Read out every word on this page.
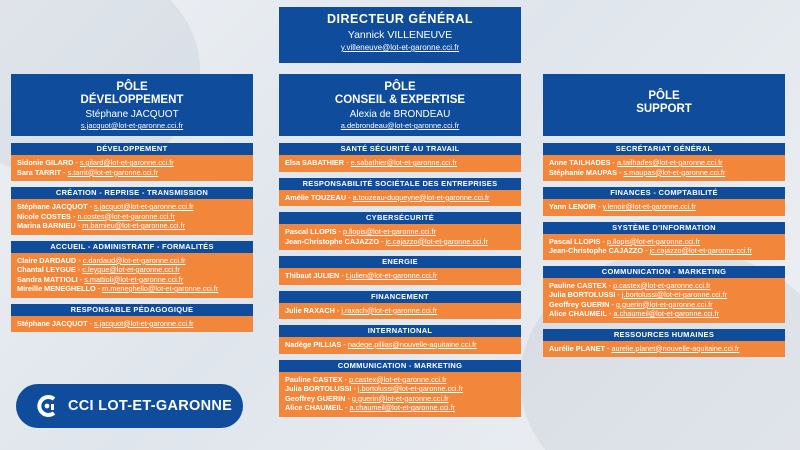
DIRECTEUR GÉNÉRAL
Yannick VILLENEUVE
y.villeneuve@lot-et-garonne.cci.fr
PÔLE
DÉVELOPPEMENT
Stéphane JACQUOT
s.jacquot@lot-et-garonne.cci.fr
PÔLE
CONSEIL & EXPERTISE
Alexia de BRONDEAU
a.debrondeau@lot-et-garonne.cci.fr
PÔLE
SUPPORT
DÉVELOPPEMENT
Sidonie GILARD - s.gilard@lot-et-garonne.cci.fr
Sara TARRIT - s.tarrit@lot-et-garonne.cci.fr
CRÉATION - REPRISE - TRANSMISSION
Stéphane JACQUOT - s.jacquot@lot-et-garonne.cci.fr
Nicole COSTES - n.costes@lot-et-garonne.cci.fr
Marina BARNIEU - m.barnieu@lot-et-garonne.cci.fr
ACCUEIL - ADMINISTRATIF - FORMALITÉS
Claire DARDAUD - c.dardaud@lot-et-garonne.cci.fr
Chantal LEYGUE - c.leygue@lot-et-garonne.cci.fr
Sandra MATTIOLI - s.mattioli@lot-et-garonne.cci.fr
Mireille MENEGHELLO - m.meneghello@lot-et-garonne.cci.fr
RESPONSABLE PÉDAGOGIQUE
Stéphane JACQUOT - s.jacquot@lot-et-garonne.cci.fr
SANTÉ SÉCURITÉ AU TRAVAIL
Elsa SABATHIER - e.sabathier@lot-et-garonne.cci.fr
RESPONSABILITÉ SOCIÉTALE DES ENTREPRISES
Amélie TOUZEAU - a.touzeau-duqueyne@lot-et-garonne.cci.fr
CYBERSÉCURITÉ
Pascal LLOPIS - p.llopis@lot-et-garonne.cci.fr
Jean-Christophe CAJAZZO - jc.cajazzo@lot-et-garonne.cci.fr
ENERGIE
Thibaut JULIEN - t.julien@lot-et-garonne.cci.fr
FINANCEMENT
Julie RAXACH - j.raxach@lot-et-garonne.cci.fr
INTERNATIONAL
Nadège PILLIAS - nadege.pillias@nouvelle-aquitaine.cci.fr
COMMUNICATION - MARKETING
Pauline CASTEX - p.castex@lot-et-garonne.cci.fr
Julia BORTOLUSSI - j.bortolussi@lot-et-garonne.cci.fr
Geoffrey GUERIN - g.guerin@lot-et-garonne.cci.fr
Alice CHAUMEIL - a.chaumeil@lot-et-garonne.cci.fr
SECRÉTARIAT GÉNÉRAL
Anne TAILHADES - a.tailhades@lot-et-garonne.cci.fr
Stéphanie MAUPAS - s.maupas@lot-et-garonne.cci.fr
FINANCES - COMPTABILITÉ
Yann LENOIR - y.lenoir@lot-et-garonne.cci.fr
SYSTÈME D'INFORMATION
Pascal LLOPIS - p.llopis@lot-et-garonne.cci.fr
Jean-Christophe CAJAZZO - jc.cajazzo@lot-et-garonne.cci.fr
COMMUNICATION - MARKETING
Pauline CASTEX - p.castex@lot-et-garonne.cci.fr
Julia BORTOLUSSI - j.bortolussi@lot-et-garonne.cci.fr
Geoffrey GUERIN - g.guerin@lot-et-garonne.cci.fr
Alice CHAUMEIL - a.chaumeil@lot-et-garonne.cci.fr
RESSOURCES HUMAINES
Aurélie PLANET - aurelie.planet@nouvelle-aquitaine.cci.fr
CCI LOT-ET-GARONNE
